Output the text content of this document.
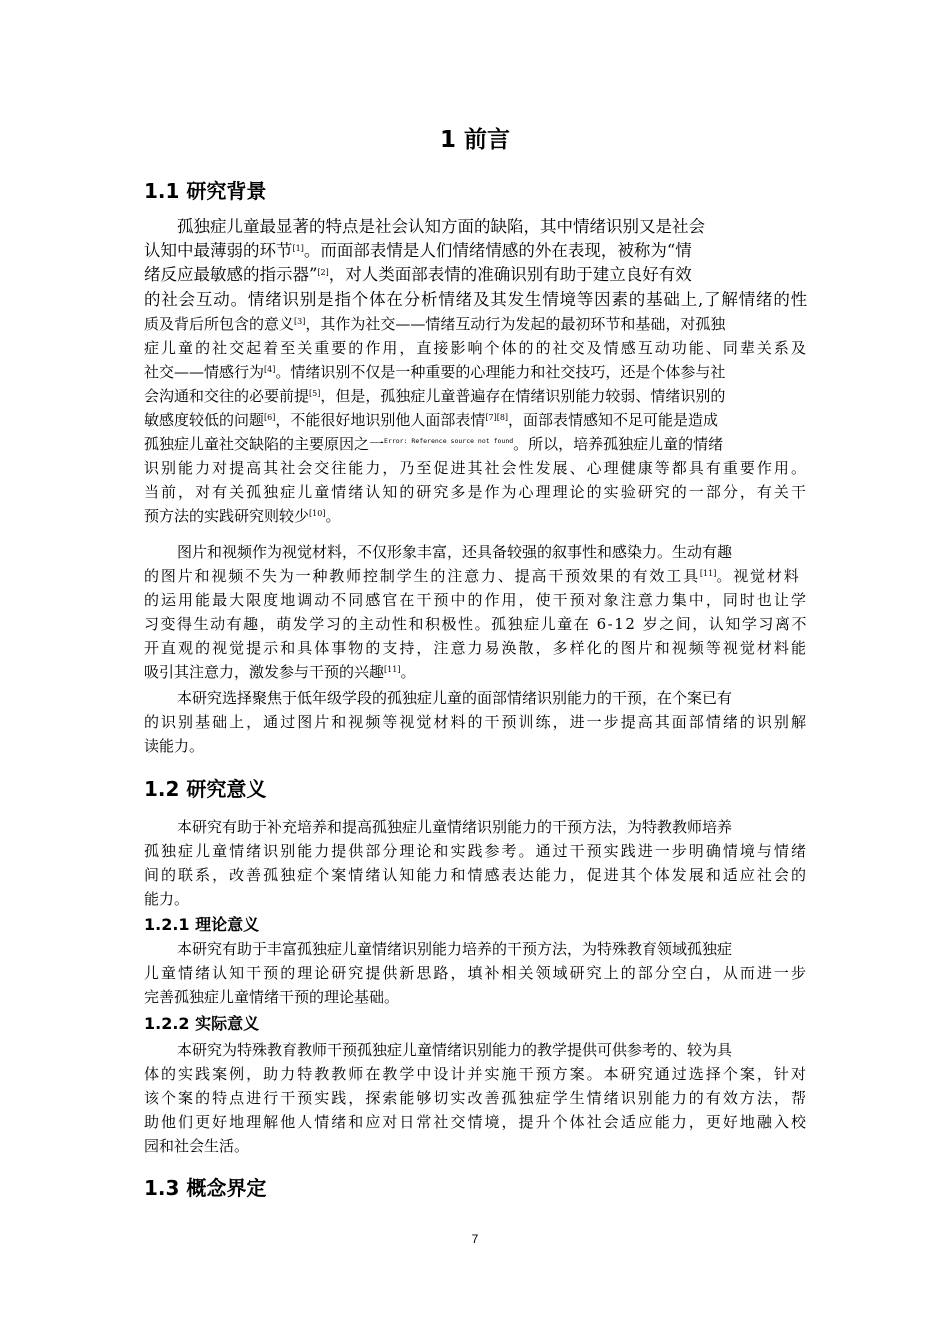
1 前言
1.1 研究背景
孤独症儿童最显著的特点是社会认知方面的缺陷，其中情绪识别又是社会
认知中最薄弱的环节[1]。而面部表情是人们情绪情感的外在表现，被称为“情
绪反应最敏感的指示器”[2]，对人类面部表情的准确识别有助于建立良好有效
的社会互动。情绪识别是指个体在分析情绪及其发生情境等因素的基础上,了解情绪的性
质及背后所包含的意义[3]，其作为社交——情绪互动行为发起的最初环节和基础，对孤独
症儿童的社交起着至关重要的作用，直接影响个体的的社交及情感互动功能、同辈关系及
社交——情感行为[4]。情绪识别不仅是一种重要的心理能力和社交技巧，还是个体参与社
会沟通和交往的必要前提[5]，但是，孤独症儿童普遍存在情绪识别能力较弱、情绪识别的
敏感度较低的问题[6]，不能很好地识别他人面部表情[7][8]，面部表情感知不足可能是造成
孤独症儿童社交缺陷的主要原因之一$^{Error: Reference source not found}$。所以，培养孤独症儿童的情绪
识别能力对提高其社会交往能力，乃至促进其社会性发展、心理健康等都具有重要作用。
当前，对有关孤独症儿童情绪认知的研究多是作为心理理论的实验研究的一部分，有关干
预方法的实践研究则较少[10]。
图片和视频作为视觉材料，不仅形象丰富，还具备较强的叙事性和感染力。生动有趣
的图片和视频不失为一种教师控制学生的注意力、提高干预效果的有效工具[11]。视觉材料
的运用能最大限度地调动不同感官在干预中的作用，使干预对象注意力集中，同时也让学
习变得生动有趣，萌发学习的主动性和积极性。孤独症儿童在 6-12 岁之间，认知学习离不
开直观的视觉提示和具体事物的支持，注意力易涣散，多样化的图片和视频等视觉材料能
吸引其注意力，激发参与干预的兴趣[11]。
本研究选择聚焦于低年级学段的孤独症儿童的面部情绪识别能力的干预，在个案已有
的识别基础上，通过图片和视频等视觉材料的干预训练，进一步提高其面部情绪的识别解
读能力。
1.2 研究意义
本研究有助于补充培养和提高孤独症儿童情绪识别能力的干预方法，为特教教师培养
孤独症儿童情绪识别能力提供部分理论和实践参考。通过干预实践进一步明确情境与情绪
间的联系，改善孤独症个案情绪认知能力和情感表达能力，促进其个体发展和适应社会的
能力。
1.2.1 理论意义
本研究有助于丰富孤独症儿童情绪识别能力培养的干预方法，为特殊教育领域孤独症
儿童情绪认知干预的理论研究提供新思路，填补相关领域研究上的部分空白，从而进一步
完善孤独症儿童情绪干预的理论基础。
1.2.2 实际意义
本研究为特殊教育教师干预孤独症儿童情绪识别能力的教学提供可供参考的、较为具
体的实践案例，助力特教教师在教学中设计并实施干预方案。本研究通过选择个案，针对
该个案的特点进行干预实践，探索能够切实改善孤独症学生情绪识别能力的有效方法，帮
助他们更好地理解他人情绪和应对日常社交情境，提升个体社会适应能力，更好地融入校
园和社会生活。
1.3 概念界定
7
